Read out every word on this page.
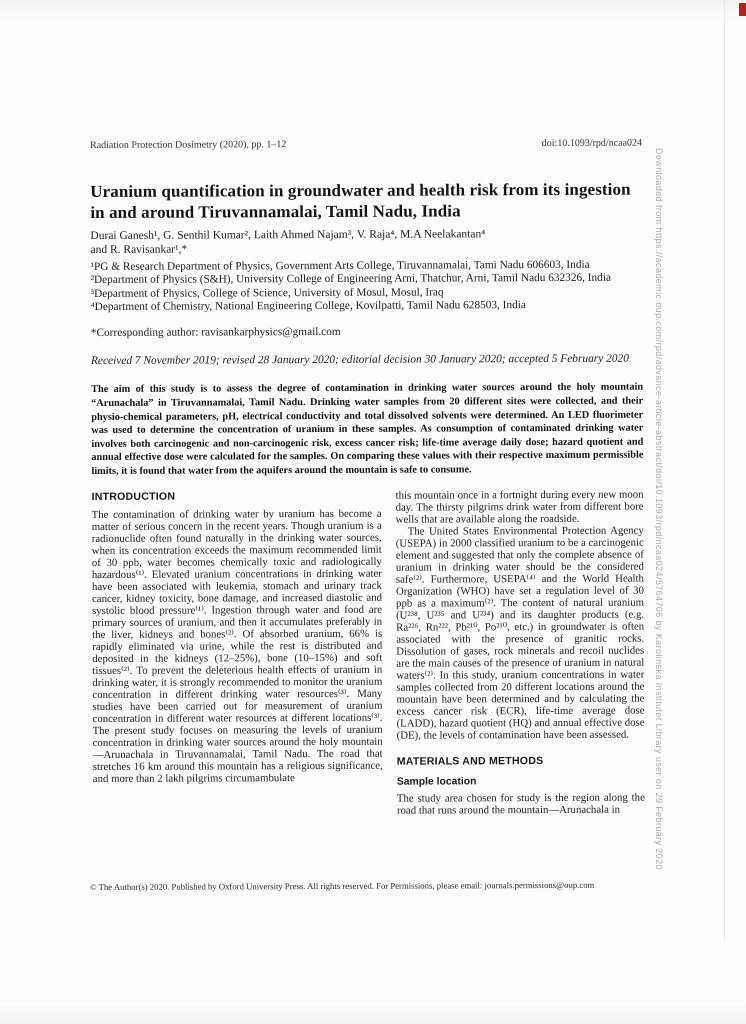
Radiation Protection Dosimetry (2020), pp. 1–12	doi:10.1093/rpd/ncaa024
Uranium quantification in groundwater and health risk from its ingestion in and around Tiruvannamalai, Tamil Nadu, India
Durai Ganesh¹, G. Senthil Kumar², Laith Ahmed Najam³, V. Raja⁴, M.A Neelakantan⁴
and R. Ravisankar¹,*
¹PG & Research Department of Physics, Government Arts College, Tiruvannamalai, Tami Nadu 606603, India
²Department of Physics (S&H), University College of Engineering Arni, Thatchur, Arni, Tamil Nadu 632326, India
³Department of Physics, College of Science, University of Mosul, Mosul, Iraq
⁴Department of Chemistry, National Engineering College, Kovilpatti, Tamil Nadu 628503, India
*Corresponding author: ravisankarphysics@gmail.com
Received 7 November 2019; revised 28 January 2020; editorial decision 30 January 2020; accepted 5 February 2020
The aim of this study is to assess the degree of contamination in drinking water sources around the holy mountain “Arunachala” in Tiruvannamalai, Tamil Nadu. Drinking water samples from 20 different sites were collected, and their physio-chemical parameters, pH, electrical conductivity and total dissolved solvents were determined. An LED fluorimeter was used to determine the concentration of uranium in these samples. As consumption of contaminated drinking water involves both carcinogenic and non-carcinogenic risk, excess cancer risk; life-time average daily dose; hazard quotient and annual effective dose were calculated for the samples. On comparing these values with their respective maximum permissible limits, it is found that water from the aquifers around the mountain is safe to consume.
INTRODUCTION

The contamination of drinking water by uranium has become a matter of serious concern in the recent years. Though uranium is a radionuclide often found naturally in the drinking water sources, when its concentration exceeds the maximum recommended limit of 30 ppb, water becomes chemically toxic and radiologically hazardous⁽¹⁾. Elevated uranium concentrations in drinking water have been associated with leukemia, stomach and urinary track cancer, kidney toxicity, bone damage, and increased diastolic and systolic blood pressure⁽¹⁾. Ingestion through water and food are primary sources of uranium, and then it accumulates preferably in the liver, kidneys and bones⁽²⁾. Of absorbed uranium, 66% is rapidly eliminated via urine, while the rest is distributed and deposited in the kidneys (12–25%), bone (10–15%) and soft tissues⁽²⁾. To prevent the deleterious health effects of uranium in drinking water, it is strongly recommended to monitor the uranium concentration in different drinking water resources⁽³⁾. Many studies have been carried out for measurement of uranium concentration in different water resources at different locations⁽³⁾. The present study focuses on measuring the levels of uranium concentration in drinking water sources around the holy mountain—Arunachala in Tiruvannamalai, Tamil Nadu. The road that stretches 16 km around this mountain has a religious significance, and more than 2 lakh pilgrims circumambulate

this mountain once in a fortnight during every new moon day. The thirsty pilgrims drink water from different bore wells that are available along the roadside.

The United States Environmental Protection Agency (USEPA) in 2000 classified uranium to be a carcinogenic element and suggested that only the complete absence of uranium in drinking water should be the considered safe⁽²⁾. Furthermore, USEPA⁽⁴⁾ and the World Health Organization (WHO) have set a regulation level of 30 ppb as a maximum⁽²⁾. The content of natural uranium (U²³⁸, U²³⁵ and U²³⁴) and its daughter products (e.g. Ra²²⁶, Rn²²², Pb²¹⁰, Po²¹⁰, etc.) in groundwater is often associated with the presence of granitic rocks. Dissolution of gases, rock minerals and recoil nuclides are the main causes of the presence of uranium in natural waters⁽²⁾. In this study, uranium concentrations in water samples collected from 20 different locations around the mountain have been determined and by calculating the excess cancer risk (ECR), life-time average dose (LADD), hazard quotient (HQ) and annual effective dose (DE), the levels of contamination have been assessed.

MATERIALS AND METHODS
Sample location

The study area chosen for study is the region along the road that runs around the mountain—Arunachala in

© The Author(s) 2020. Published by Oxford University Press. All rights reserved. For Permissions, please email: journals.permissions@oup.com
Downloaded from https://academic.oup.com/rpd/advance-article-abstract/doi/10.1093/rpd/ncaa024/5764706 by Karolinska Institutet Library user on 29 February 2020
